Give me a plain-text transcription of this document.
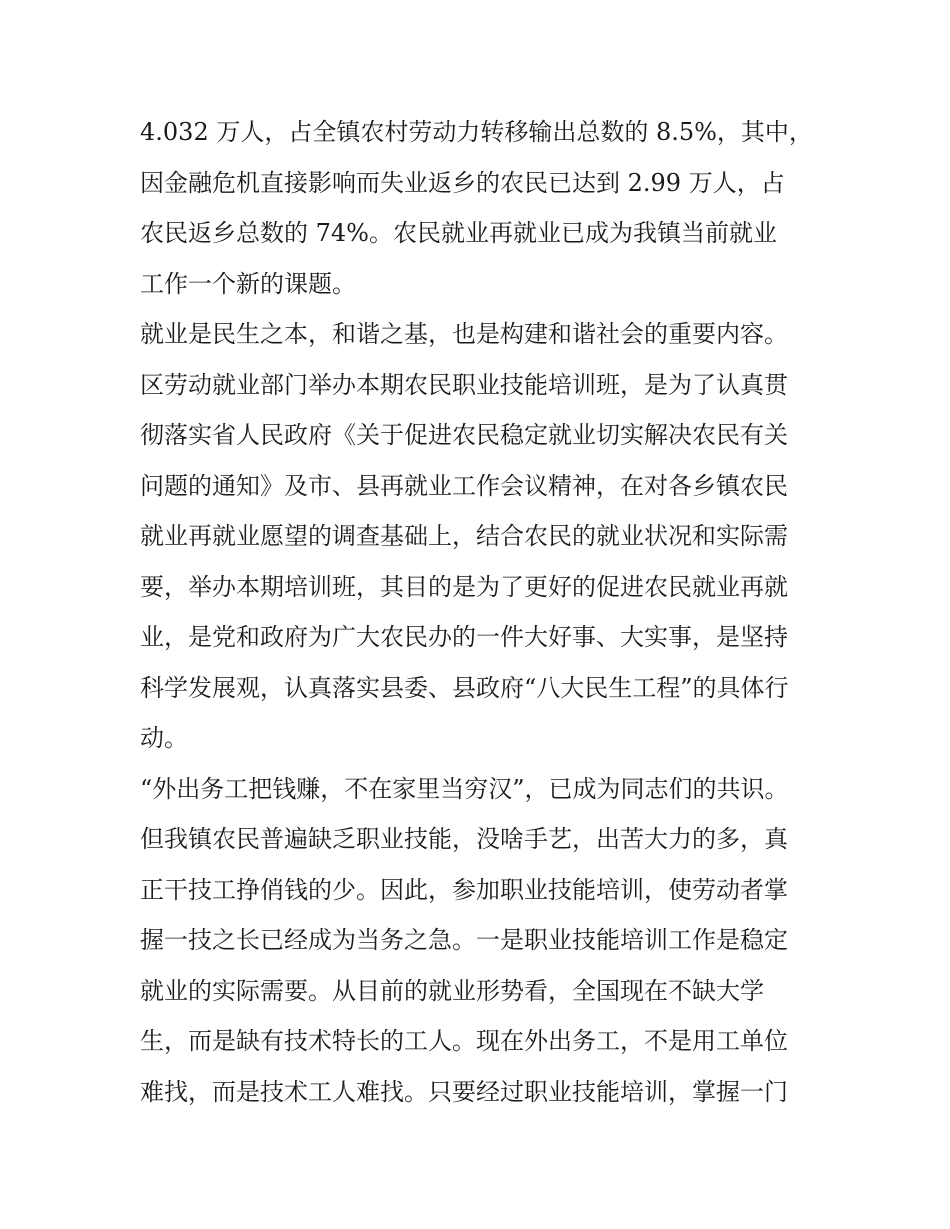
4.032 万人，占全镇农村劳动力转移输出总数的 8.5%，其中，
因金融危机直接影响而失业返乡的农民已达到 2.99 万人，占
农民返乡总数的 74%。农民就业再就业已成为我镇当前就业
工作一个新的课题。
就业是民生之本，和谐之基，也是构建和谐社会的重要内容。
区劳动就业部门举办本期农民职业技能培训班，是为了认真贯
彻落实省人民政府《关于促进农民稳定就业切实解决农民有关
问题的通知》及市、县再就业工作会议精神，在对各乡镇农民
就业再就业愿望的调查基础上，结合农民的就业状况和实际需
要，举办本期培训班，其目的是为了更好的促进农民就业再就
业，是党和政府为广大农民办的一件大好事、大实事，是坚持
科学发展观，认真落实县委、县政府“八大民生工程”的具体行
动。
“外出务工把钱赚，不在家里当穷汉”，已成为同志们的共识。
但我镇农民普遍缺乏职业技能，没啥手艺，出苦大力的多，真
正干技工挣俏钱的少。因此，参加职业技能培训，使劳动者掌
握一技之长已经成为当务之急。一是职业技能培训工作是稳定
就业的实际需要。从目前的就业形势看，全国现在不缺大学
生，而是缺有技术特长的工人。现在外出务工，不是用工单位
难找，而是技术工人难找。只要经过职业技能培训，掌握一门
